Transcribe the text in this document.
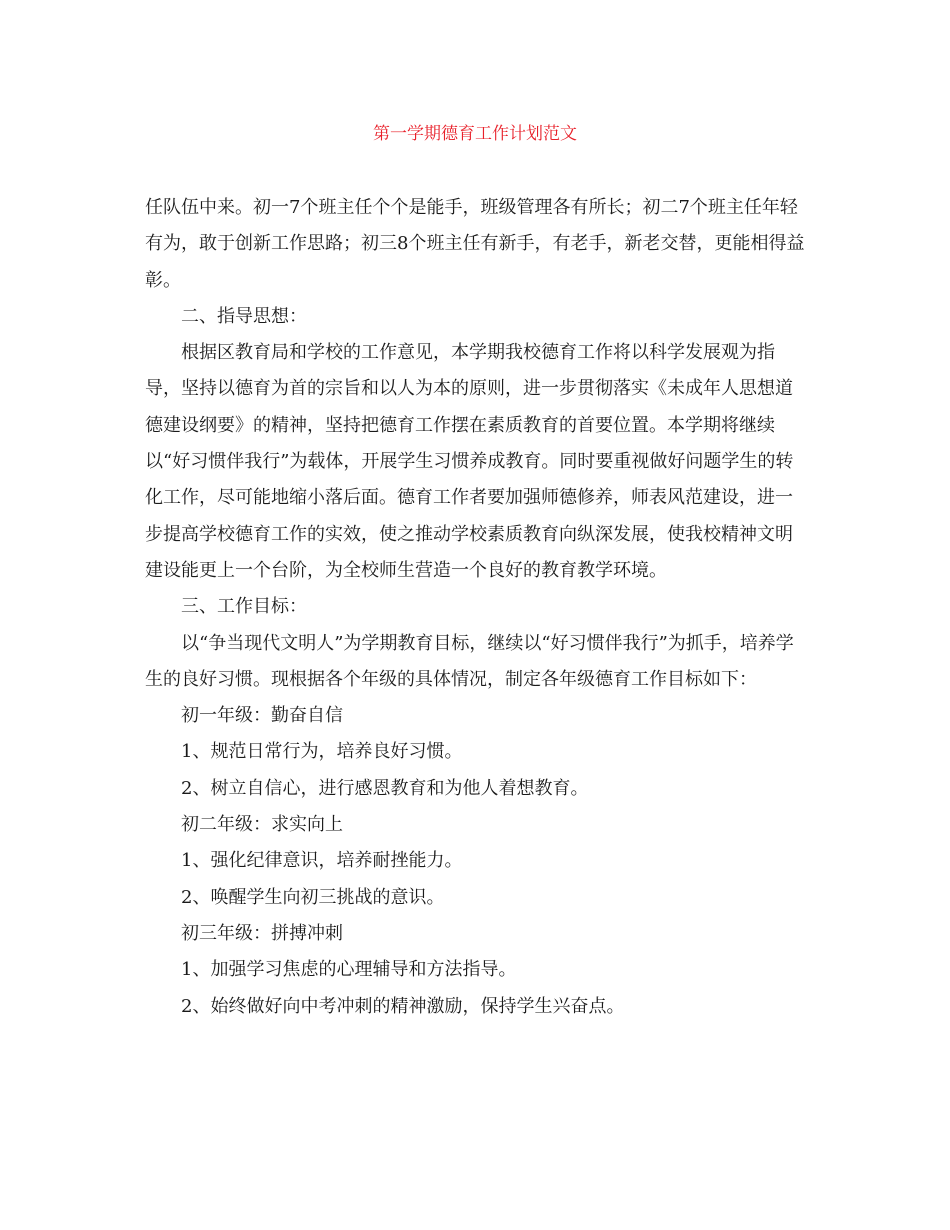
第一学期德育工作计划范文

任队伍中来。初一7个班主任个个是能手，班级管理各有所长；初二7个班主任年轻有为，敢于创新工作思路；初三8个班主任有新手，有老手，新老交替，更能相得益彰。

二、指导思想：

根据区教育局和学校的工作意见，本学期我校德育工作将以科学发展观为指导，坚持以德育为首的宗旨和以人为本的原则，进一步贯彻落实《未成年人思想道德建设纲要》的精神，坚持把德育工作摆在素质教育的首要位置。本学期将继续以“好习惯伴我行”为载体，开展学生习惯养成教育。同时要重视做好问题学生的转化工作，尽可能地缩小落后面。德育工作者要加强师德修养，师表风范建设，进一步提高学校德育工作的实效，使之推动学校素质教育向纵深发展，使我校精神文明建设能更上一个台阶，为全校师生营造一个良好的教育教学环境。

三、工作目标：

以“争当现代文明人”为学期教育目标，继续以“好习惯伴我行”为抓手，培养学生的良好习惯。现根据各个年级的具体情况，制定各年级德育工作目标如下：

初一年级：勤奋自信

1、规范日常行为，培养良好习惯。

2、树立自信心，进行感恩教育和为他人着想教育。

初二年级：求实向上

1、强化纪律意识，培养耐挫能力。

2、唤醒学生向初三挑战的意识。

初三年级：拼搏冲刺

1、加强学习焦虑的心理辅导和方法指导。

2、始终做好向中考冲刺的精神激励，保持学生兴奋点。
